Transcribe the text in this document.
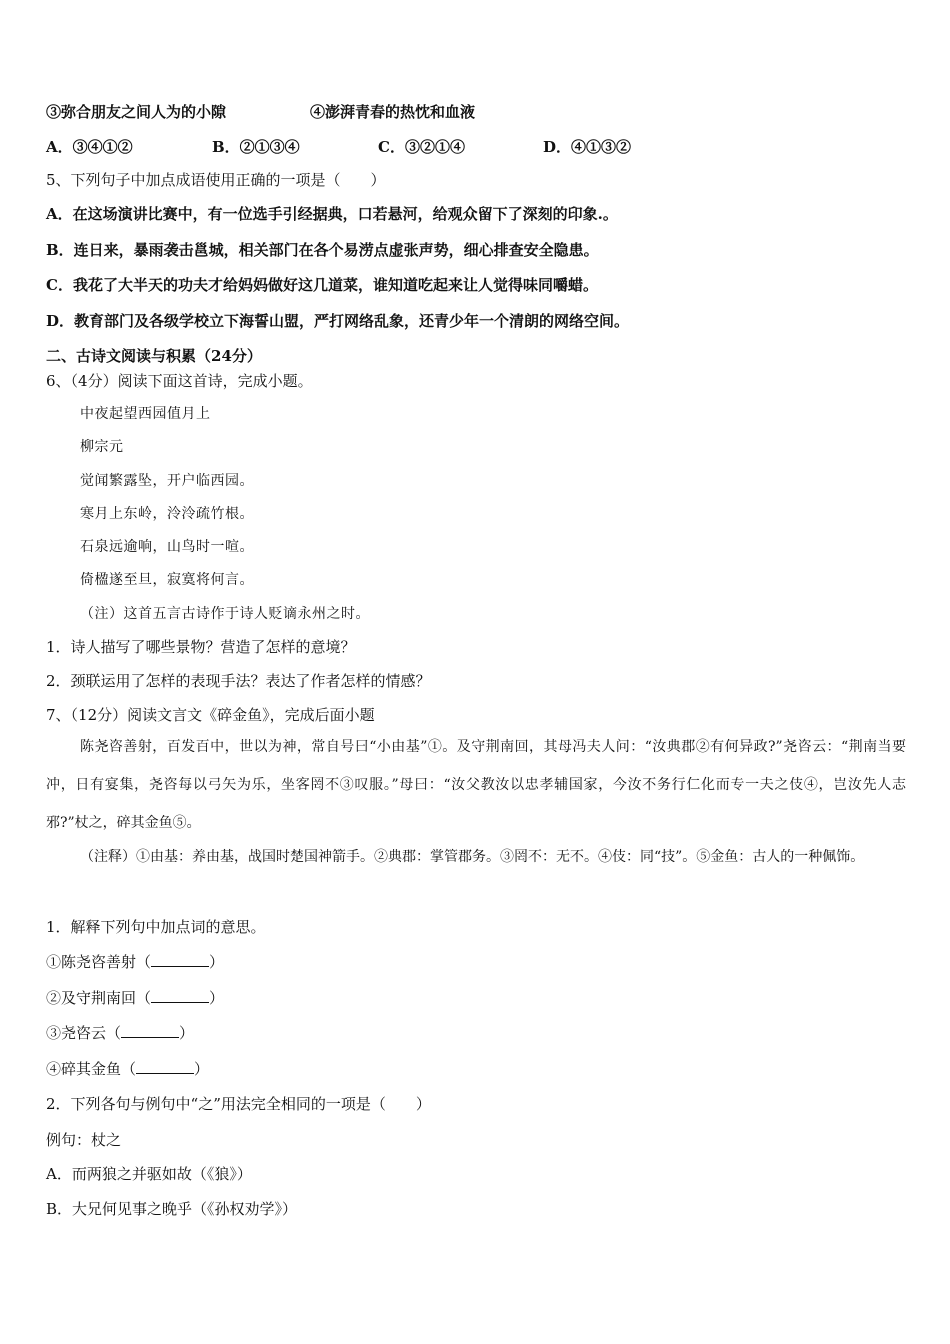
③弥合朋友之间人为的小隙	④澎湃青春的热忱和血液
A．③④①②	B．②①③④	C．③②①④	D．④①③②
5、下列句子中加点成语使用正确的一项是（　　）
A．在这场演讲比赛中，有一位选手引经据典，口若悬河，给观众留下了深刻的印象.。
B．连日来，暴雨袭击邕城，相关部门在各个易涝点虚张声势，细心排查安全隐患。
C．我花了大半天的功夫才给妈妈做好这几道菜，谁知道吃起来让人觉得味同嚼蜡。
D．教育部门及各级学校立下海誓山盟，严打网络乱象，还青少年一个清朗的网络空间。
二、古诗文阅读与积累（24分）
6、（4分）阅读下面这首诗，完成小题。
中夜起望西园值月上
柳宗元
觉闻繁露坠，开户临西园。
寒月上东岭，泠泠疏竹根。
石泉远逾响，山鸟时一喧。
倚楹遂至旦，寂寞将何言。
（注）这首五言古诗作于诗人贬谪永州之时。
1．诗人描写了哪些景物？营造了怎样的意境？
2．颈联运用了怎样的表现手法？表达了作者怎样的情感？
7、（12分）阅读文言文《碎金鱼》，完成后面小题
陈尧咨善射，百发百中，世以为神，常自号曰“小由基”①。及守荆南回，其母冯夫人问：“汝典郡②有何异政?”尧咨云：“荆南当要冲，日有宴集，尧咨每以弓矢为乐，坐客罔不③叹服。”母曰：“汝父教汝以忠孝辅国家，今汝不务行仁化而专一夫之伎④，岂汝先人志邪?”杖之，碎其金鱼⑤。
（注释）①由基：养由基，战国时楚国神箭手。②典郡：掌管郡务。③罔不：无不。④伎：同“技”。⑤金鱼：古人的一种佩饰。
1．解释下列句中加点词的意思。
①陈尧咨善射（	）
②及守荆南回（	）
③尧咨云（	）
④碎其金鱼（	）
2．下列各句与例句中“之”用法完全相同的一项是（　　）
例句：杖之
A．而两狼之并驱如故（《狼》）
B．大兄何见事之晚乎（《孙权劝学》）
